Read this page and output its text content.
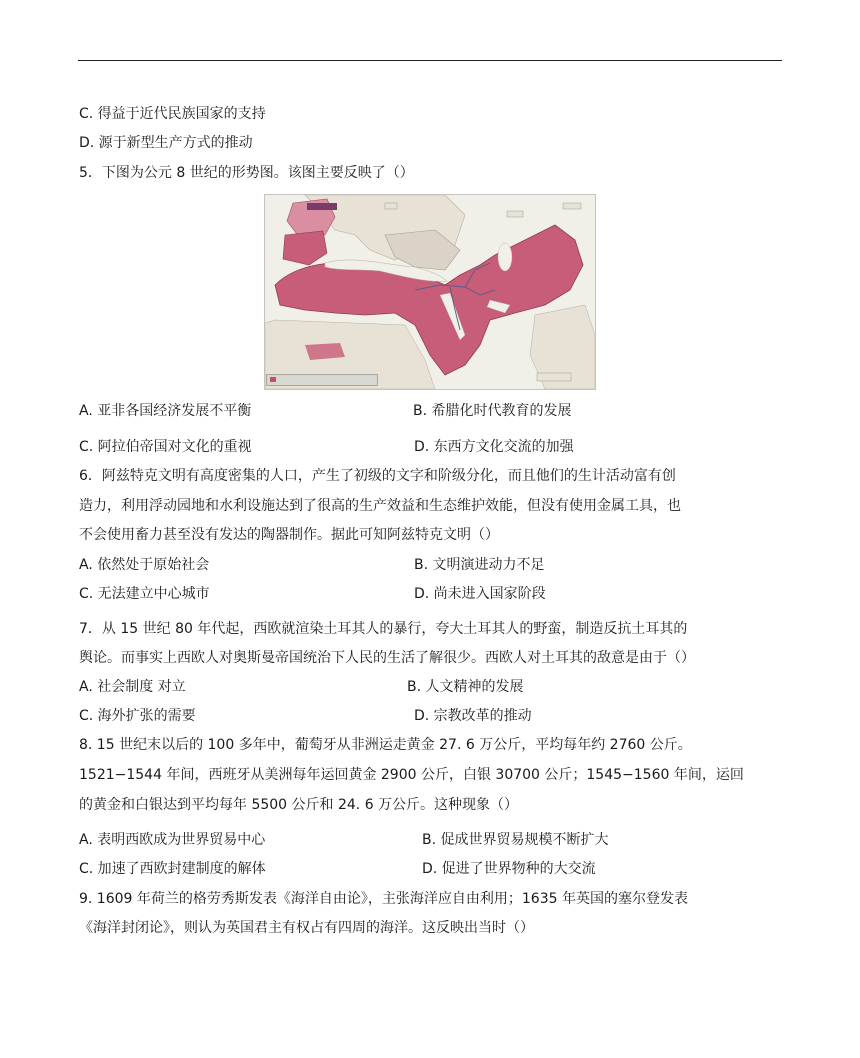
C. 得益于近代民族国家的支持
D. 源于新型生产方式的推动
5．下图为公元 8 世纪的形势图。该图主要反映了（）
A. 亚非各国经济发展不平衡	B. 希腊化时代教育的发展
C. 阿拉伯帝国对文化的重视	D. 东西方文化交流的加强
6．阿兹特克文明有高度密集的人口，产生了初级的文字和阶级分化，而且他们的生计活动富有创
造力，利用浮动园地和水利设施达到了很高的生产效益和生态维护效能，但没有使用金属工具，也
不会使用畜力甚至没有发达的陶器制作。据此可知阿兹特克文明（）
A. 依然处于原始社会	B. 文明演进动力不足
C. 无法建立中心城市	D. 尚未进入国家阶段
7．从 15 世纪 80 年代起，西欧就渲染土耳其人的暴行，夸大土耳其人的野蛮，制造反抗土耳其的
舆论。而事实上西欧人对奥斯曼帝国统治下人民的生活了解很少。西欧人对土耳其的敌意是由于（）
A. 社会制度 对立	B. 人文精神的发展
C. 海外扩张的需要	D. 宗教改革的推动
8. 15 世纪末以后的 100 多年中，葡萄牙从非洲运走黄金 27. 6 万公斤，平均每年约 2760 公斤。
1521−1544 年间，西班牙从美洲每年运回黄金 2900 公斤，白银 30700 公斤；1545−1560 年间，运回
的黄金和白银达到平均每年 5500 公斤和 24. 6 万公斤。这种现象（）
A. 表明西欧成为世界贸易中心	B. 促成世界贸易规模不断扩大
C. 加速了西欧封建制度的解体	D. 促进了世界物种的大交流
9. 1609 年荷兰的格劳秀斯发表《海洋自由论》，主张海洋应自由利用；1635 年英国的塞尔登发表
《海洋封闭论》，则认为英国君主有权占有四周的海洋。这反映出当时（）
